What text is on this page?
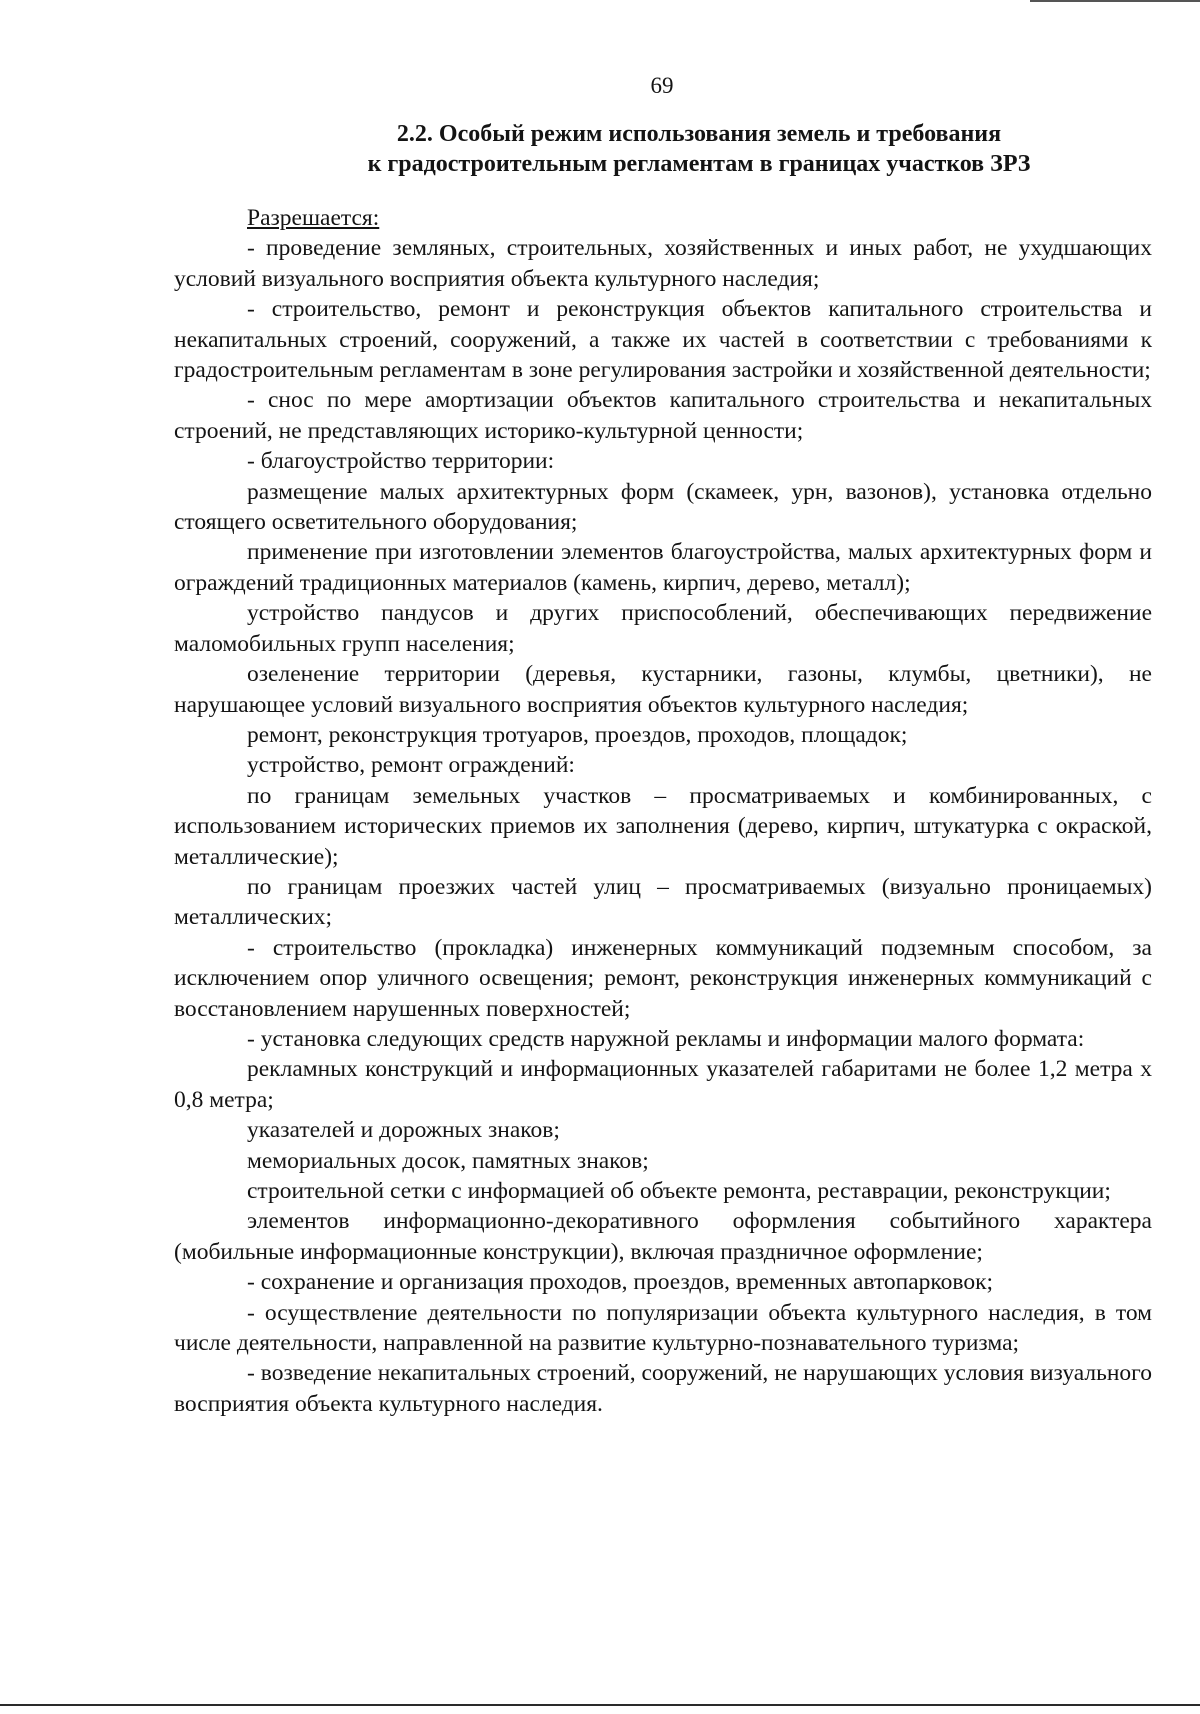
69
2.2. Особый режим использования земель и требования
к градостроительным регламентам в границах участков ЗРЗ

Разрешается:

- проведение земляных, строительных, хозяйственных и иных работ, не ухудшающих условий визуального восприятия объекта культурного наследия;

- строительство, ремонт и реконструкция объектов капитального строительства и некапитальных строений, сооружений, а также их частей в соответствии с требованиями к градостроительным регламентам в зоне регулирования застройки и хозяйственной деятельности;

- снос по мере амортизации объектов капитального строительства и некапитальных строений, не представляющих историко-культурной ценности;

- благоустройство территории:

размещение малых архитектурных форм (скамеек, урн, вазонов), установка отдельно стоящего осветительного оборудования;

применение при изготовлении элементов благоустройства, малых архитектурных форм и ограждений традиционных материалов (камень, кирпич, дерево, металл);

устройство пандусов и других приспособлений, обеспечивающих передвижение маломобильных групп населения;

озеленение территории (деревья, кустарники, газоны, клумбы, цветники), не нарушающее условий визуального восприятия объектов культурного наследия;

ремонт, реконструкция тротуаров, проездов, проходов, площадок;

устройство, ремонт ограждений:

по границам земельных участков – просматриваемых и комбинированных, с использованием исторических приемов их заполнения (дерево, кирпич, штукатурка с окраской, металлические);

по границам проезжих частей улиц – просматриваемых (визуально проницаемых) металлических;

- строительство (прокладка) инженерных коммуникаций подземным способом, за исключением опор уличного освещения; ремонт, реконструкция инженерных коммуникаций с восстановлением нарушенных поверхностей;

- установка следующих средств наружной рекламы и информации малого формата:

рекламных конструкций и информационных указателей габаритами не более 1,2 метра х 0,8 метра;

указателей и дорожных знаков;

мемориальных досок, памятных знаков;

строительной сетки с информацией об объекте ремонта, реставрации, реконструкции;

элементов информационно-декоративного оформления событийного характера (мобильные информационные конструкции), включая праздничное оформление;

- сохранение и организация проходов, проездов, временных автопарковок;

- осуществление деятельности по популяризации объекта культурного наследия, в том числе деятельности, направленной на развитие культурно-познавательного туризма;

- возведение некапитальных строений, сооружений, не нарушающих условия визуального восприятия объекта культурного наследия.
